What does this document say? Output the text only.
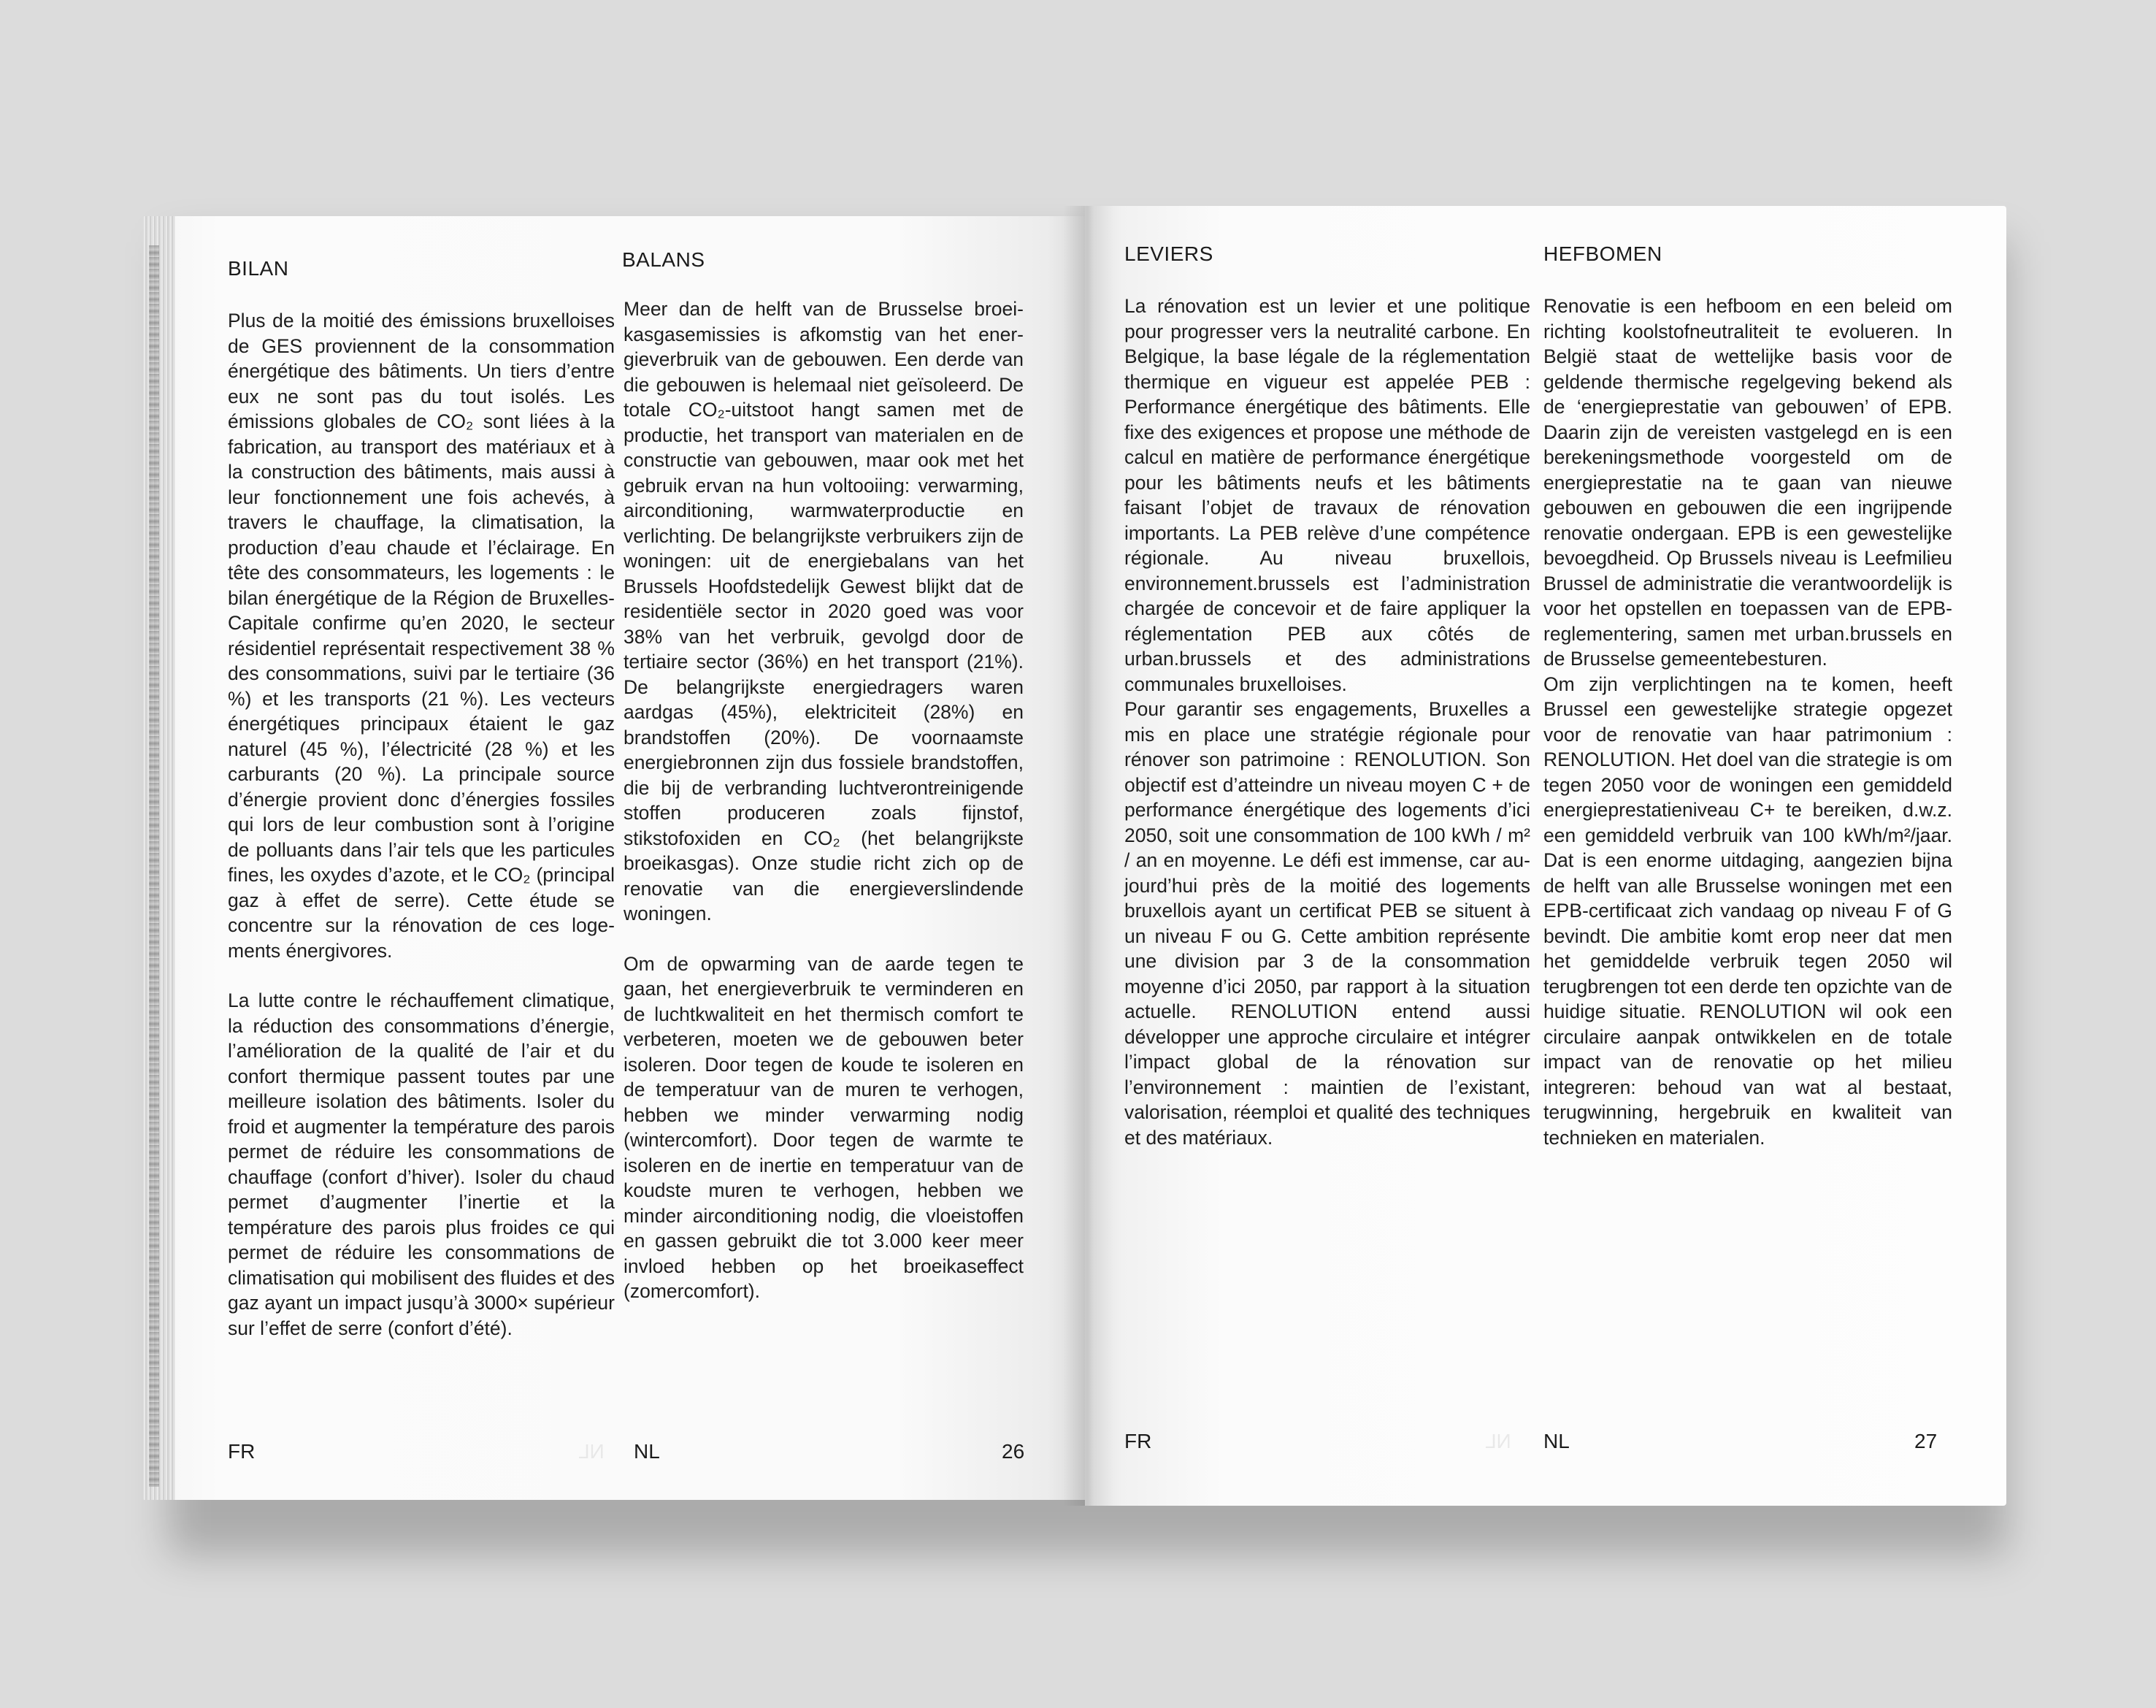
BILAN	BALANS

Plus de la moitié des émissions bruxelloises de GES proviennent de la consommation énergétique des bâtiments. Un tiers d’entre eux ne sont pas du tout isolés. Les émissions globales de CO₂ sont liées à la fabrication, au transport des matériaux et à la construction des bâtiments, mais aussi à leur fonctionnement une fois achevés, à travers le chauffage, la climatisation, la production d’eau chaude et l’éclairage. En tête des consommateurs, les logements : le bilan énergétique de la Région de Bruxelles-Capitale confirme qu’en 2020, le secteur résidentiel représentait respectivement 38 % des consommations, suivi par le tertiaire (36 %) et les transports (21 %). Les vecteurs énergétiques principaux étaient le gaz naturel (45 %), l’électricité (28 %) et les carburants (20 %). La principale source d’énergie provient donc d’énergies fossiles qui lors de leur combustion sont à l’origine de polluants dans l’air tels que les particules fines, les oxydes d’azote, et le CO₂ (principal gaz à effet de serre). Cette étude se concentre sur la rénovation de ces logements énergivores.

La lutte contre le réchauffement climatique, la réduction des consommations d’énergie, l’amélioration de la qualité de l’air et du confort thermique passent toutes par une meilleure isolation des bâtiments. Isoler du froid et augmenter la température des parois permet de réduire les consommations de chauffage (confort d’hiver). Isoler du chaud permet d’augmenter l’inertie et la température des parois plus froides ce qui permet de réduire les consommations de climatisation qui mobilisent des fluides et des gaz ayant un impact jusqu’à 3000× supérieur sur l’effet de serre (confort d’été).

Meer dan de helft van de Brusselse broeikasgasemissies is afkomstig van het energieverbruik van de gebouwen. Een derde van die gebouwen is helemaal niet geïsoleerd. De totale CO₂-uitstoot hangt samen met de productie, het transport van materialen en de constructie van gebouwen, maar ook met het gebruik ervan na hun voltooiing: verwarming, airconditioning, warmwaterproductie en verlichting. De belangrijkste verbruikers zijn de woningen: uit de energiebalans van het Brussels Hoofdstedelijk Gewest blijkt dat de residentiële sector in 2020 goed was voor 38% van het verbruik, gevolgd door de tertiaire sector (36%) en het transport (21%). De belangrijkste energiedragers waren aardgas (45%), elektriciteit (28%) en brandstoffen (20%). De voornaamste energiebronnen zijn dus fossiele brandstoffen, die bij de verbranding luchtverontreinigende stoffen produceren zoals fijnstof, stikstofoxiden en CO₂ (het belangrijkste broeikasgas). Onze studie richt zich op de renovatie van die energieverslindende woningen.

Om de opwarming van de aarde tegen te gaan, het energieverbruik te verminderen en de luchtkwaliteit en het thermisch comfort te verbeteren, moeten we de gebouwen beter isoleren. Door tegen de koude te isoleren en de temperatuur van de muren te verhogen, hebben we minder verwarming nodig (wintercomfort). Door tegen de warmte te isoleren en de inertie en temperatuur van de koudste muren te verhogen, hebben we minder airconditioning nodig, die vloeistoffen en gassen gebruikt die tot 3.000 keer meer invloed hebben op het broeikaseffect (zomercomfort).

FR	NL NL	26
LEVIERS	HEFBOMEN

La rénovation est un levier et une politique pour progresser vers la neutralité carbone. En Belgique, la base légale de la réglementation thermique en vigueur est appelée PEB : Performance énergétique des bâtiments. Elle fixe des exigences et propose une méthode de calcul en matière de performance énergétique pour les bâtiments neufs et les bâtiments faisant l’objet de travaux de rénovation importants. La PEB relève d’une compétence régionale. Au niveau bruxellois, environnement.brussels est l’administration chargée de concevoir et de faire appliquer la réglementation PEB aux côtés de urban.brussels et des administrations communales bruxelloises.

Pour garantir ses engagements, Bruxelles a mis en place une stratégie régionale pour rénover son patrimoine : RENOLUTION. Son objectif est d’atteindre un niveau moyen C + de performance énergétique des logements d’ici 2050, soit une consommation de 100 kWh / m² / an en moyenne. Le défi est immense, car aujourd’hui près de la moitié des logements bruxellois ayant un certificat PEB se situent à un niveau F ou G. Cette ambition représente une division par 3 de la consommation moyenne d’ici 2050, par rapport à la situation actuelle. RENOLUTION entend aussi développer une approche circulaire et intégrer l’impact global de la rénovation sur l’environnement : maintien de l’existant, valorisation, réemploi et qualité des techniques et des matériaux.

Renovatie is een hefboom en een beleid om richting koolstofneutraliteit te evolueren. In België staat de wettelijke basis voor de geldende thermische regelgeving bekend als de ‘energieprestatie van gebouwen’ of EPB. Daarin zijn de vereisten vastgelegd en is een berekeningsmethode voorgesteld om de energieprestatie na te gaan van nieuwe gebouwen en gebouwen die een ingrijpende renovatie ondergaan. EPB is een gewestelijke bevoegdheid. Op Brussels niveau is Leefmilieu Brussel de administratie die verantwoordelijk is voor het opstellen en toepassen van de EPB-reglementering, samen met urban.brussels en de Brusselse gemeentebesturen.

Om zijn verplichtingen na te komen, heeft Brussel een gewestelijke strategie opgezet voor de renovatie van haar patrimonium : RENOLUTION. Het doel van die strategie is om tegen 2050 voor de woningen een gemiddeld energieprestatieniveau C+ te bereiken, d.w.z. een gemiddeld verbruik van 100 kWh/m²/jaar. Dat is een enorme uitdaging, aangezien bijna de helft van alle Brusselse woningen met een EPB-certificaat zich vandaag op niveau F of G bevindt. Die ambitie komt erop neer dat men het gemiddelde verbruik tegen 2050 wil terugbrengen tot een derde ten opzichte van de huidige situatie. RENOLUTION wil ook een circulaire aanpak ontwikkelen en de totale impact van de renovatie op het milieu integreren: behoud van wat al bestaat, terugwinning, hergebruik en kwaliteit van technieken en materialen.

FR	NL NL	27
